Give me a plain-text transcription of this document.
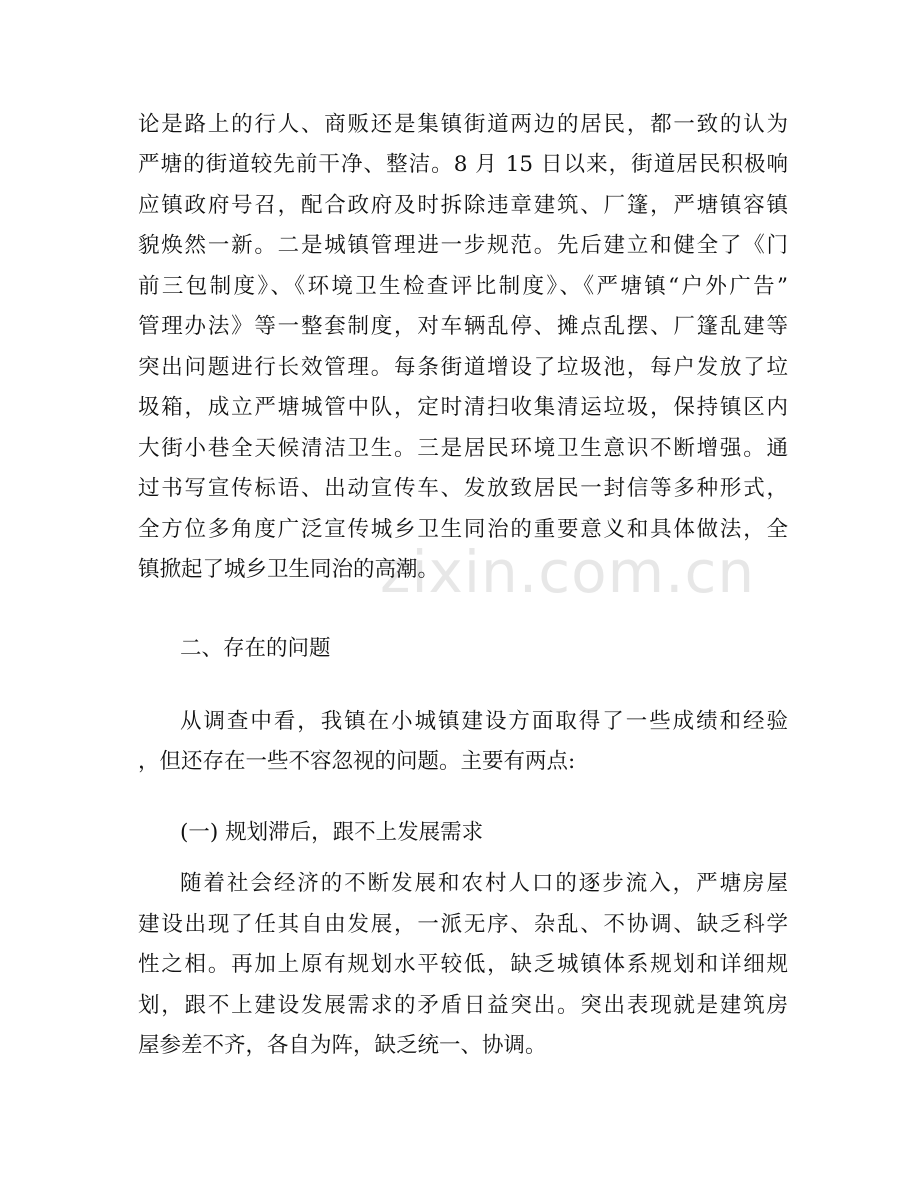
zixin.com.cn
论是路上的行人、商贩还是集镇街道两边的居民，都一致的认为
严塘的街道较先前干净、整洁。8 月 15 日以来，街道居民积极响
应镇政府号召，配合政府及时拆除违章建筑、厂篷，严塘镇容镇
貌焕然一新。二是城镇管理进一步规范。先后建立和健全了《门
前三包制度》、《环境卫生检查评比制度》、《严塘镇“户外广告”
管理办法》等一整套制度，对车辆乱停、摊点乱摆、厂篷乱建等
突出问题进行长效管理。每条街道增设了垃圾池，每户发放了垃
圾箱，成立严塘城管中队，定时清扫收集清运垃圾，保持镇区内
大街小巷全天候清洁卫生。三是居民环境卫生意识不断增强。通
过书写宣传标语、出动宣传车、发放致居民一封信等多种形式，
全方位多角度广泛宣传城乡卫生同治的重要意义和具体做法，全
镇掀起了城乡卫生同治的高潮。
二、存在的问题
从调查中看，我镇在小城镇建设方面取得了一些成绩和经验
，但还存在一些不容忽视的问题。主要有两点:
(一) 规划滞后，跟不上发展需求
随着社会经济的不断发展和农村人口的逐步流入，严塘房屋
建设出现了任其自由发展，一派无序、杂乱、不协调、缺乏科学
性之相。再加上原有规划水平较低，缺乏城镇体系规划和详细规
划，跟不上建设发展需求的矛盾日益突出。突出表现就是建筑房
屋参差不齐，各自为阵，缺乏统一、协调。
